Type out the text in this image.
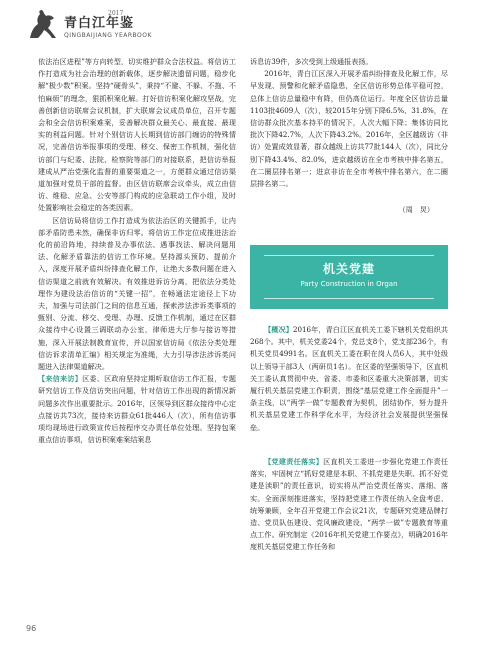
青白江年鉴
2017
QINGBAIJIANG YEARBOOK

依法治区进程”等方向转型，切实维护群众合法权益。将信访工作打造成为社会治理的创新载体，逐步解决遗留问题，稳步化解“极少数”积案。坚持“硬骨头”，秉持“不避、不躲、不拖、不怕麻烦”的理念，狠抓积案化解。打好信访积案化解攻坚战，完善创新信访联席会议机制，扩大联席会议成员单位，召开专题会和全会信访积案难案，妥善解决群众最关心、最直接、最现实的利益问题。针对个别信访人长期到信访部门缠访的特殊情况，完善信访举报事项的受理、移交、保密工作机制，强化信访部门与纪委、法院、检察院等部门的对接联系，把信访举报建成从严治党强化监督的重要渠道之一，方便群众通过信访渠道加强对党员干部的监督。由区信访联席会议牵头，成立由信访、维稳、应急、公安等部门构成的应急联动工作小组，及时处置影响社会稳定的各类因素。

区信访局将信访工作打造成为依法治区的关键抓手，让内部矛盾防患未然，确保非访归零。将信访工作定位成推进法治化的前沿阵地，持续普及办事依法、遇事找法、解决问题用法、化解矛盾靠法的信访工作环境。坚持源头预防、提前介入，深度开展矛盾纠纷排查化解工作，让绝大多数问题在进入信访渠道之前就有效解决。有效推进诉访分离，把依法分类处理作为建设法治信访的“关键一招”，在畅通法定途径上下功夫，加强与司法部门之间的信息互通，探索涉法涉诉类事项的甄别、分流、移交、受理、办理、反馈工作机制，通过在区群众接待中心设置三调联动办公室，律师进大厅参与接访等措施，深入开展法制教育宣传，并以国家信访局《依法分类处理信访诉求清单汇编》相关规定为准绳，大力引导涉法涉诉类问题进入法律渠道解决。

【来信来访】区委、区政府坚持定期听取信访工作汇报，专题研究信访工作及信访突出问题，针对信访工作出现的新情况新问题多次作出重要批示。2016年，区领导到区群众接待中心定点接访共73次，接待来访群众61批446人（次），所有信访事项均现场进行政策宣传后按程序交办责任单位处理。坚持包案重点信访事项，信访积案难案结案息

诉息访39件，多次受到上级通报表扬。

2016年，青白江区深入开展矛盾纠纷排查及化解工作，尽早发现、预警和化解矛盾隐患，全区信访形势总体平稳可控，总体上信访总量稳中有降，但仍高位运行。年度全区信访总量1103批4609人（次），较2015年分别下降6.5%、31.8%，在信访群众批次基本持平的情况下，人次大幅下降；集体访同比批次下降42.7%，人次下降43.2%。2016年，全区越级访（非访）处置成效显著，群众越级上访共77批144人（次），同比分别下降43.4%、82.0%，进京越级访在全市考核中排名第五，在二圈层排名第一；进京非访在全市考核中排名第六，在二圈层排名第二。

（周　炅）

机关党建
Party Construction in Organ

【概况】2016年，青白江区直机关工委下辖机关党组织共268个。其中，机关党委24个，党总支8个，党支部236个，有机关党员4991名。区直机关工委在职在岗人员6人，其中处级以上领导干部3人（两研员1名）。在区委的坚强领导下，区直机关工委认真贯彻中央、省委、市委和区委重大决策部署，切实履行机关基层党建工作职责，围绕“基层党建工作全面提升”一条主线，以“两学一做”专题教育为契机，团结协作，努力提升机关基层党建工作科学化水平，为经济社会发展提供坚强保垒。

【党建责任落实】区直机关工委进一步强化党建工作责任落实，牢固树立“抓好党建是本职、不抓党建是失职、抓不好党建是渎职”的责任意识，切实将从严治党责任落实、落细、落实。全面深刻推进落实，坚持把党建工作责任纳入全盘考虑、统筹兼顾，全年召开党建工作会议21次，专题研究党建品牌打造、党员队伍建设、党风廉政建设、“两学一做”专题教育等重点工作。研究制定《2016年机关党建工作要点》，明确2016年度机关基层党建工作任务和

96
